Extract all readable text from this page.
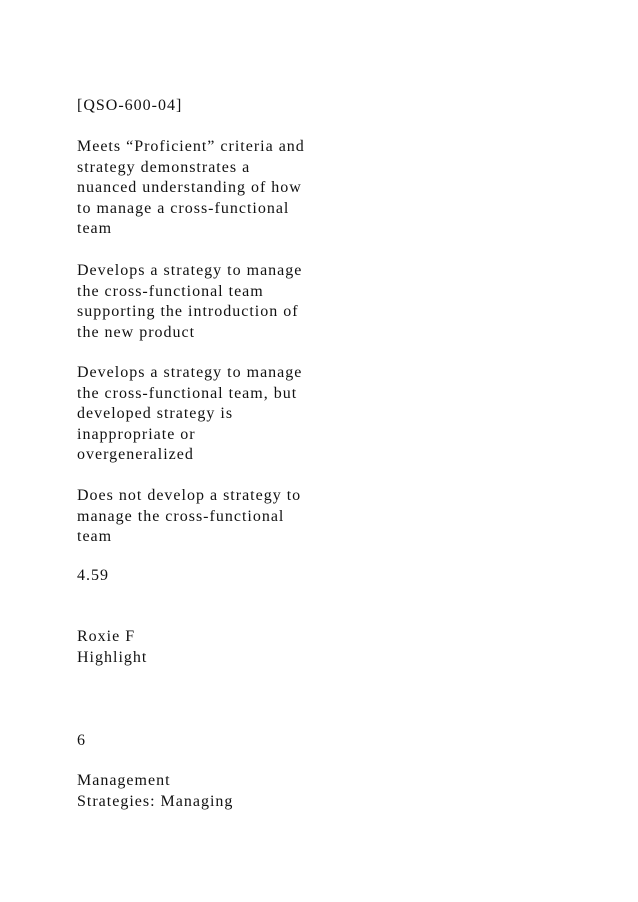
[QSO-600-04]

Meets “Proficient” criteria and
strategy demonstrates a
nuanced understanding of how
to manage a cross-functional
team

Develops a strategy to manage
the cross-functional team
supporting the introduction of
the new product

Develops a strategy to manage
the cross-functional team, but
developed strategy is
inappropriate or
overgeneralized

Does not develop a strategy to
manage the cross-functional
team

4.59

Roxie F
Highlight

6

Management
Strategies: Managing
